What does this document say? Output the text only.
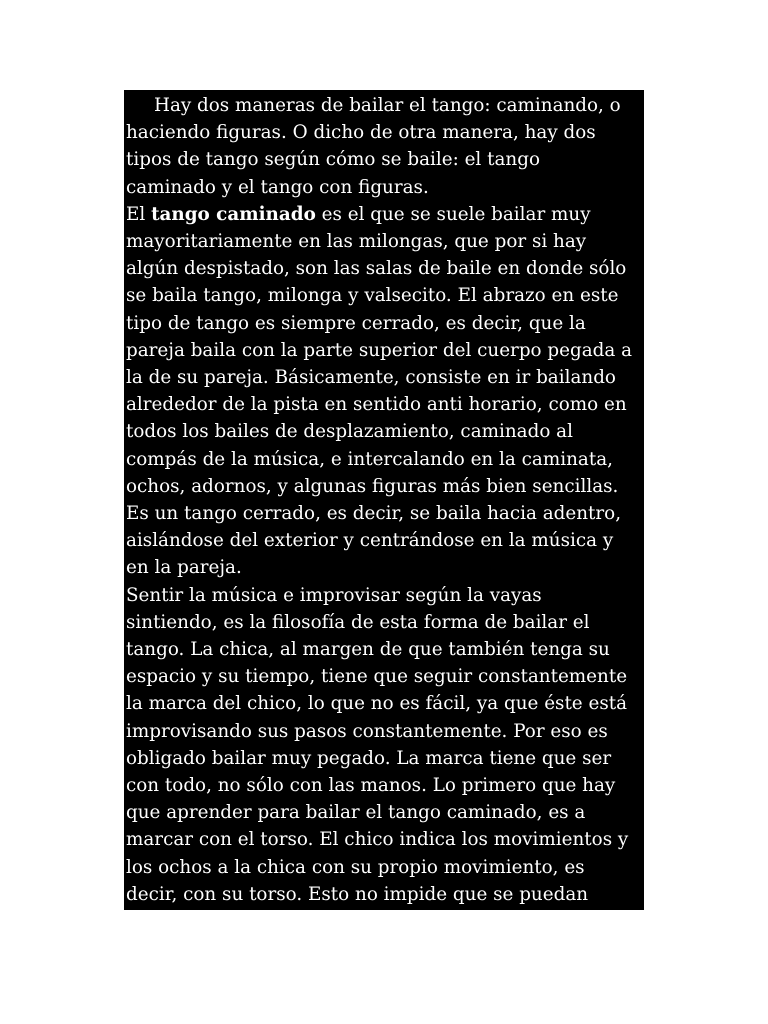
Hay dos maneras de bailar el tango: caminando, o
haciendo figuras. O dicho de otra manera, hay dos
tipos de tango según cómo se baile: el tango
caminado y el tango con figuras.
El tango caminado es el que se suele bailar muy
mayoritariamente en las milongas, que por si hay
algún despistado, son las salas de baile en donde sólo
se baila tango, milonga y valsecito. El abrazo en este
tipo de tango es siempre cerrado, es decir, que la
pareja baila con la parte superior del cuerpo pegada a
la de su pareja. Básicamente, consiste en ir bailando
alrededor de la pista en sentido anti horario, como en
todos los bailes de desplazamiento, caminado al
compás de la música, e intercalando en la caminata,
ochos, adornos, y algunas figuras más bien sencillas.
Es un tango cerrado, es decir, se baila hacia adentro,
aislándose del exterior y centrándose en la música y
en la pareja.
Sentir la música e improvisar según la vayas
sintiendo, es la filosofía de esta forma de bailar el
tango. La chica, al margen de que también tenga su
espacio y su tiempo, tiene que seguir constantemente
la marca del chico, lo que no es fácil, ya que éste está
improvisando sus pasos constantemente. Por eso es
obligado bailar muy pegado. La marca tiene que ser
con todo, no sólo con las manos. Lo primero que hay
que aprender para bailar el tango caminado, es a
marcar con el torso. El chico indica los movimientos y
los ochos a la chica con su propio movimiento, es
decir, con su torso. Esto no impide que se puedan
